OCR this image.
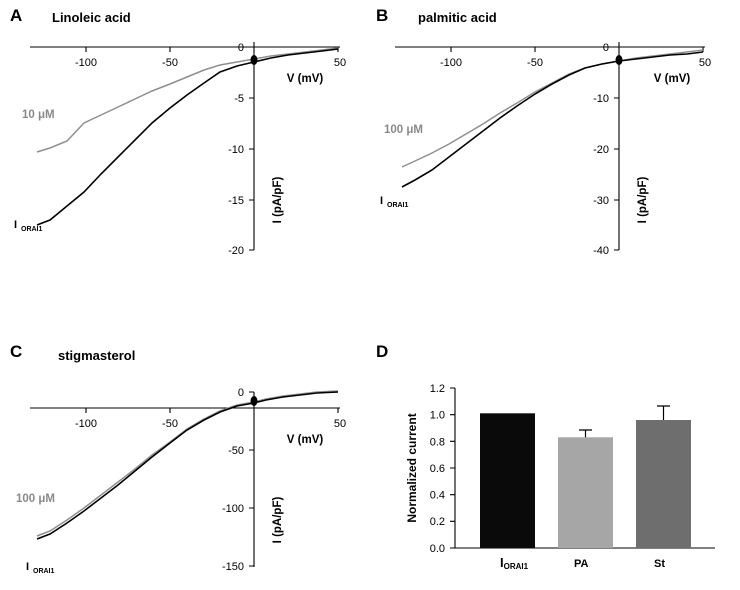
A Linoleic acid
-100	-50	50
0
-5
-10
-15
-20
V (mV)
I (pA/pF)
10 μM
I ORAI1
B palmitic acid
-100	-50	50
0
-10
-20
-30
-40
V (mV)
I (pA/pF)
100 μM
I ORAI1
C	stigmasterol
-100	-50	50
0
-50
-100
-150
V (mV)
I (pA/pF)
100 μM
I ORAI1
D
0.0
0.2
0.4
0.6
0.8
1.0
1.2
Normalized current
IORAI1	PA	St
